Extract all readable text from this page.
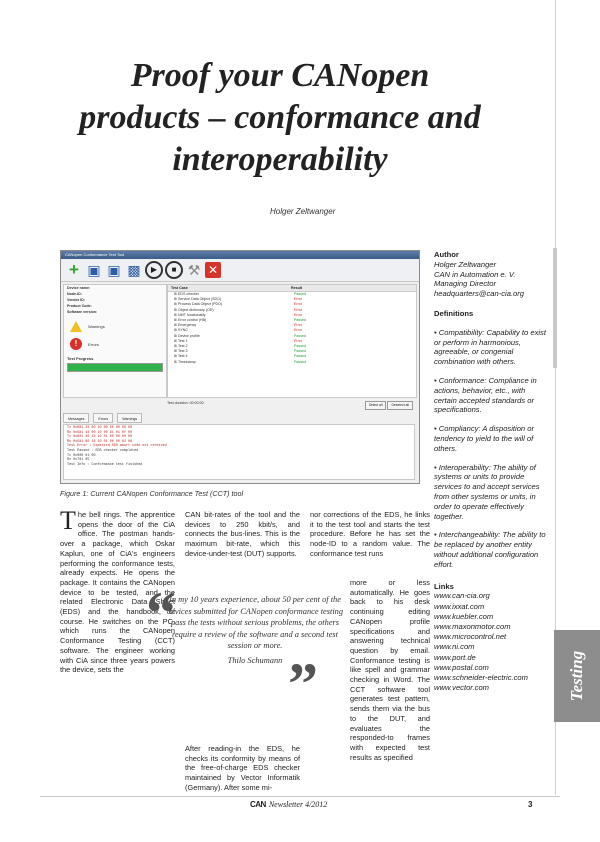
Testing
Proof your CANopen products – conformance and interoperability
Holger Zeltwanger
CANopen Conformance Test Tool
+ ▣ ▣ ▩	▶	■ ⚒ ✕
Device name:
Node-ID:
Vendor ID:
Product Code:
Software version:
Warnings
!	Errors
Test Progress
Test Case	Result
⊞ EDS checker	Passed
⊞ Service Data Object (SDO)	Error
⊞ Process Data Object (PDO)	Error
⊞ Object dictionary (OD)	Error
⊞ NMT functionality	Error
⊞ Error control (HB)	Passed
⊞ Emergency	Error
⊞ SYNC	Error
⊞ Device profile	Passed
⊞ Test 1	Error
⊞ Test 2	Passed
⊞ Test 3	Passed
⊞ Test 4	Passed
⊞ Timestamp	Passed
Test duration: 00:00:00	Select all	Deselect all
Messages	Errors	Warnings
Tx 0x601 23 00 10 00 00 00 00 00
Rx 0x581 43 00 10 00 91 01 0f 00
Tx 0x601 40 18 10 01 00 00 00 00
Rx 0x581 80 18 10 01 00 00 02 06
Test Error : Expected SDO abort code not received
Test Passed : EDS checker completed
Tx 0x000 01 00
Rx 0x701 05
Test Info : Conformance test finished
Figure 1: Current CANopen Conformance Test (CCT) tool
The bell rings. The apprentice opens the door of the CiA office. The postman hands-over a package, which Oskar Kaplun, one of CiA's engineers performing the conformance tests, already expects. He opens the package. It contains the CANopen device to be tested, and the related Electronic Data Sheet (EDS) and the handbook, of course. He switches on the PC, which runs the CANopen Conformance Testing (CCT) software. The engineer working with CiA since three years powers the device, sets the
CAN bit-rates of the tool and the devices to 250 kbit/s, and connects the bus-lines. This is the maximum bit-rate, which this device-under-test (DUT) supports.
“
In my 10 years experience, about 50 per cent of the devices submitted for CANopen conformance testing pass the tests without serious problems, the others require a review of the software and a second test session or more.
Thilo Schumann ”
After reading-in the EDS, he checks its conformity by means of the free-of-charge EDS checker maintained by Vector Informatik (Germany). After some mi-
nor corrections of the EDS, he links it to the test tool and starts the test procedure. Before he has set the node-ID to a random value. The conformance test runs
more or less automatically. He goes back to his desk continuing editing CANopen profile specifications and answering technical question by email. Conformance testing is like spell and grammar checking in Word. The CCT software tool generates test pattern, sends them via the bus to the DUT, and evaluates the responded-to frames with expected test results as specified
Author
Holger Zeltwanger
CAN in Automation e. V.
Managing Director
headquarters@can-cia.org
Definitions
• Compatibility: Capability to exist or perform in harmonious, agreeable, or congenial combination with others.
• Conformance: Compliance in actions, behavior, etc., with certain accepted standards or specifications.
• Compliancy: A disposition or tendency to yield to the will of others.
• Interoperability: The ability of systems or units to provide services to and accept services from other systems or units, in order to operate effectively together.
• Interchangeability: The ability to be replaced by another entity without additional configuration effort.
Links
www.can-cia.org
www.ixxat.com
www.kuebler.com
www.maxonmotor.com
www.microcontrol.net
www.ni.com
www.port.de
www.postal.com
www.schneider-electric.com
www.vector.com
CAN Newsletter 4/2012	3
